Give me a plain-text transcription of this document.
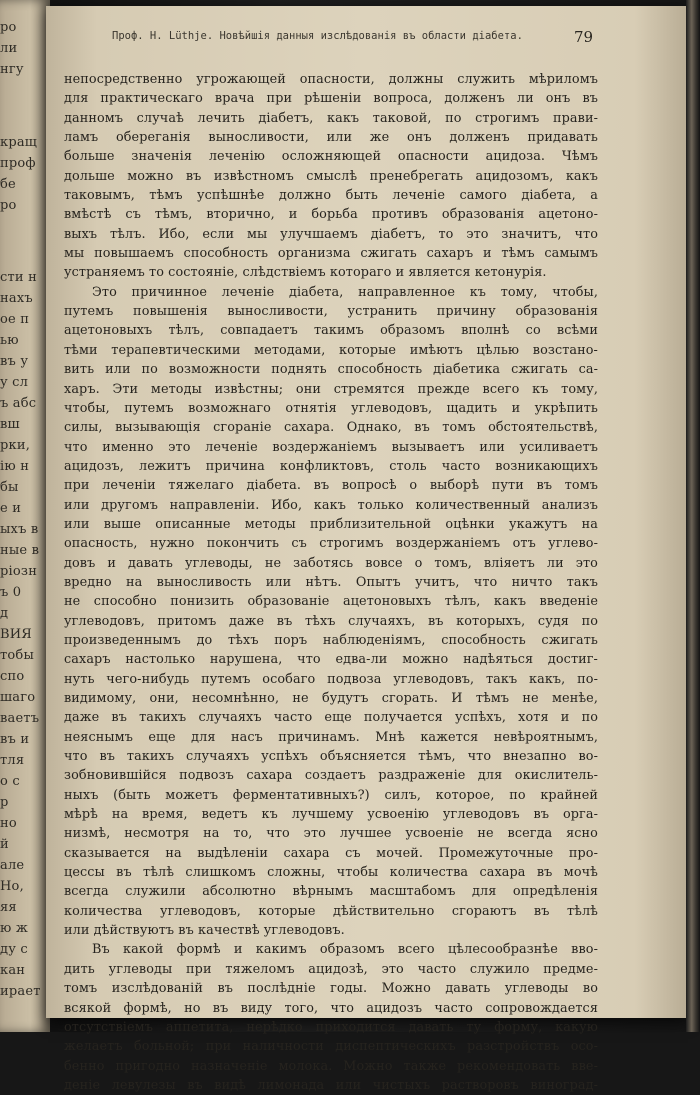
ро
ли
нгу
кращ
проф
бе
ро
сти н
нахъ
ое п
ью
въ у
у сл
ъ абс
вш
рки,
ію н
бы
е и
ыхъ в
ные в
ріозн
ъ 0
д
ВИЯ
тобы
спо
шаго
ваетъ
въ и
тля
о с
р
но
й
але
Но,
яя
ю ж
ду с
кан
ирает
Проф. Н. Lüthje. Новѣйшія данныя изслѣдованія въ области діабета.	79
непосредственно угрожающей опасности, должны служить мѣриломъ
для практическаго врача при рѣшеніи вопроса, долженъ ли онъ въ
данномъ случаѣ лечить діабетъ, какъ таковой, по строгимъ прави-
ламъ обереганія выносливости, или же онъ долженъ придавать
больше значенія леченію осложняющей опасности ацидоза. Чѣмъ
дольше можно въ извѣстномъ смыслѣ пренебрегать ацидозомъ, какъ
таковымъ, тѣмъ успѣшнѣе должно быть леченіе самого діабета, а
вмѣстѣ съ тѣмъ, вторично, и борьба противъ образованія ацетоно-
выхъ тѣлъ. Ибо, если мы улучшаемъ діабетъ, то это значитъ, что
мы повышаемъ способность организма сжигать сахаръ и тѣмъ самымъ
устраняемъ то состояніе, слѣдствіемъ котораго и является кетонурія.
Это причинное леченіе діабета, направленное къ тому, чтобы,
путемъ повышенія выносливости, устранить причину образованія
ацетоновыхъ тѣлъ, совпадаетъ такимъ образомъ вполнѣ со всѣми
тѣми терапевтическими методами, которые имѣютъ цѣлью возстано-
вить или по возможности поднять способность діабетика сжигать са-
харъ. Эти методы извѣстны; они стремятся прежде всего къ тому,
чтобы, путемъ возможнаго отнятія углеводовъ, щадить и укрѣпить
силы, вызывающія сгораніе сахара. Однако, въ томъ обстоятельствѣ,
что именно это леченіе воздержаніемъ вызываетъ или усиливаетъ
ацидозъ, лежитъ причина конфликтовъ, столь часто возникающихъ
при леченіи тяжелаго діабета. въ вопросѣ о выборѣ пути въ томъ
или другомъ направленіи. Ибо, какъ только количественный анализъ
или выше описанные методы приблизительной оцѣнки укажутъ на
опасность, нужно покончить съ строгимъ воздержаніемъ отъ углево-
довъ и давать углеводы, не заботясь вовсе о томъ, вліяетъ ли это
вредно на выносливость или нѣтъ. Опытъ учитъ, что ничто такъ
не способно понизить образованіе ацетоновыхъ тѣлъ, какъ введеніе
углеводовъ, притомъ даже въ тѣхъ случаяхъ, въ которыхъ, судя по
произведеннымъ до тѣхъ поръ наблюденіямъ, способность сжигать
сахаръ настолько нарушена, что едва-ли можно надѣяться достиг-
нуть чего-нибудь путемъ особаго подвоза углеводовъ, такъ какъ, по-
видимому, они, несомнѣнно, не будутъ сгорать. И тѣмъ не менѣе,
даже въ такихъ случаяхъ часто еще получается успѣхъ, хотя и по
неяснымъ еще для насъ причинамъ. Мнѣ кажется невѣроятнымъ,
что въ такихъ случаяхъ успѣхъ объясняется тѣмъ, что внезапно во-
зобновившійся подвозъ сахара создаетъ раздраженіе для окислитель-
ныхъ (быть можетъ ферментативныхъ?) силъ, которое, по крайней
мѣрѣ на время, ведетъ къ лучшему усвоенію углеводовъ въ орга-
низмѣ, несмотря на то, что это лучшее усвоеніе не всегда ясно
сказывается на выдѣленіи сахара съ мочей. Промежуточные про-
цессы въ тѣлѣ слишкомъ сложны, чтобы количества сахара въ мочѣ
всегда служили абсолютно вѣрнымъ масштабомъ для опредѣленія
количества углеводовъ, которые дѣйствительно сгораютъ въ тѣлѣ
или дѣйствуютъ въ качествѣ углеводовъ.
Въ какой формѣ и какимъ образомъ всего цѣлесообразнѣе вво-
дить углеводы при тяжеломъ ацидозѣ, это часто служило предме-
томъ изслѣдованій въ послѣдніе годы. Можно давать углеводы во
всякой формѣ, но въ виду того, что ацидозъ часто сопровождается
отсутствіемъ аппетита, нерѣдко приходится давать ту форму, какую
желаетъ больной; при наличности диспептическихъ разстройствъ осо-
бенно пригодно назначеніе молока. Можно также рекомендовать вве-
деніе левулезы въ видѣ лимонада или чистыхъ растворовъ виноград-
